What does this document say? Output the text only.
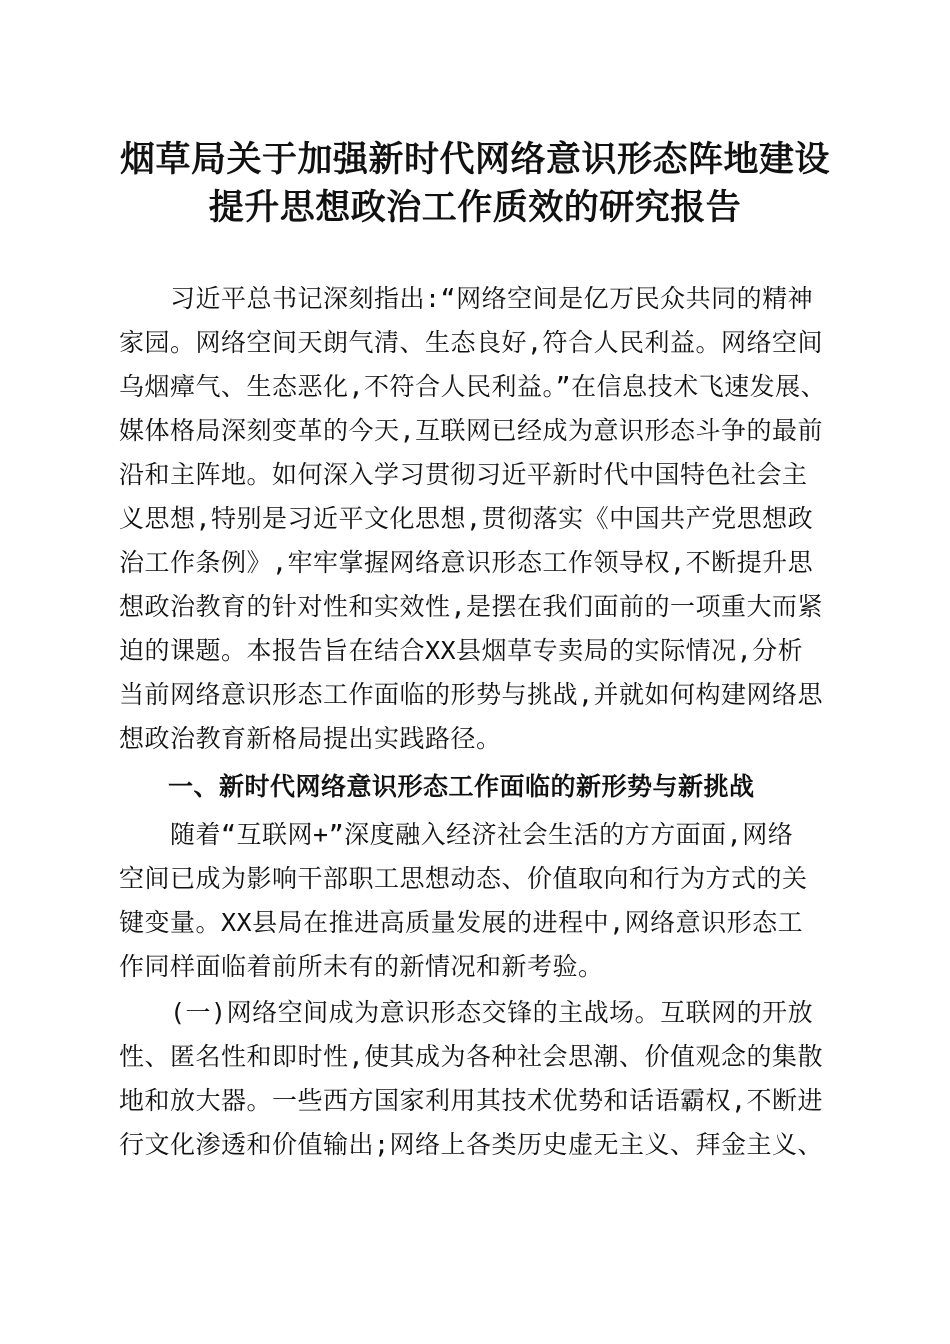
烟草局关于加强新时代网络意识形态阵地建设
提升思想政治工作质效的研究报告
　　习近平总书记深刻指出:“网络空间是亿万民众共同的精神
家园。网络空间天朗气清、生态良好,符合人民利益。网络空间
乌烟瘴气、生态恶化,不符合人民利益。”在信息技术飞速发展、
媒体格局深刻变革的今天,互联网已经成为意识形态斗争的最前
沿和主阵地。如何深入学习贯彻习近平新时代中国特色社会主
义思想,特别是习近平文化思想,贯彻落实《中国共产党思想政
治工作条例》,牢牢掌握网络意识形态工作领导权,不断提升思
想政治教育的针对性和实效性,是摆在我们面前的一项重大而紧
迫的课题。本报告旨在结合XX县烟草专卖局的实际情况,分析
当前网络意识形态工作面临的形势与挑战,并就如何构建网络思
想政治教育新格局提出实践路径。
一、新时代网络意识形态工作面临的新形势与新挑战
　　随着“互联网+”深度融入经济社会生活的方方面面,网络
空间已成为影响干部职工思想动态、价值取向和行为方式的关
键变量。XX县局在推进高质量发展的进程中,网络意识形态工
作同样面临着前所未有的新情况和新考验。
　　(一)网络空间成为意识形态交锋的主战场。互联网的开放
性、匿名性和即时性,使其成为各种社会思潮、价值观念的集散
地和放大器。一些西方国家利用其技术优势和话语霸权,不断进
行文化渗透和价值输出;网络上各类历史虚无主义、拜金主义、
